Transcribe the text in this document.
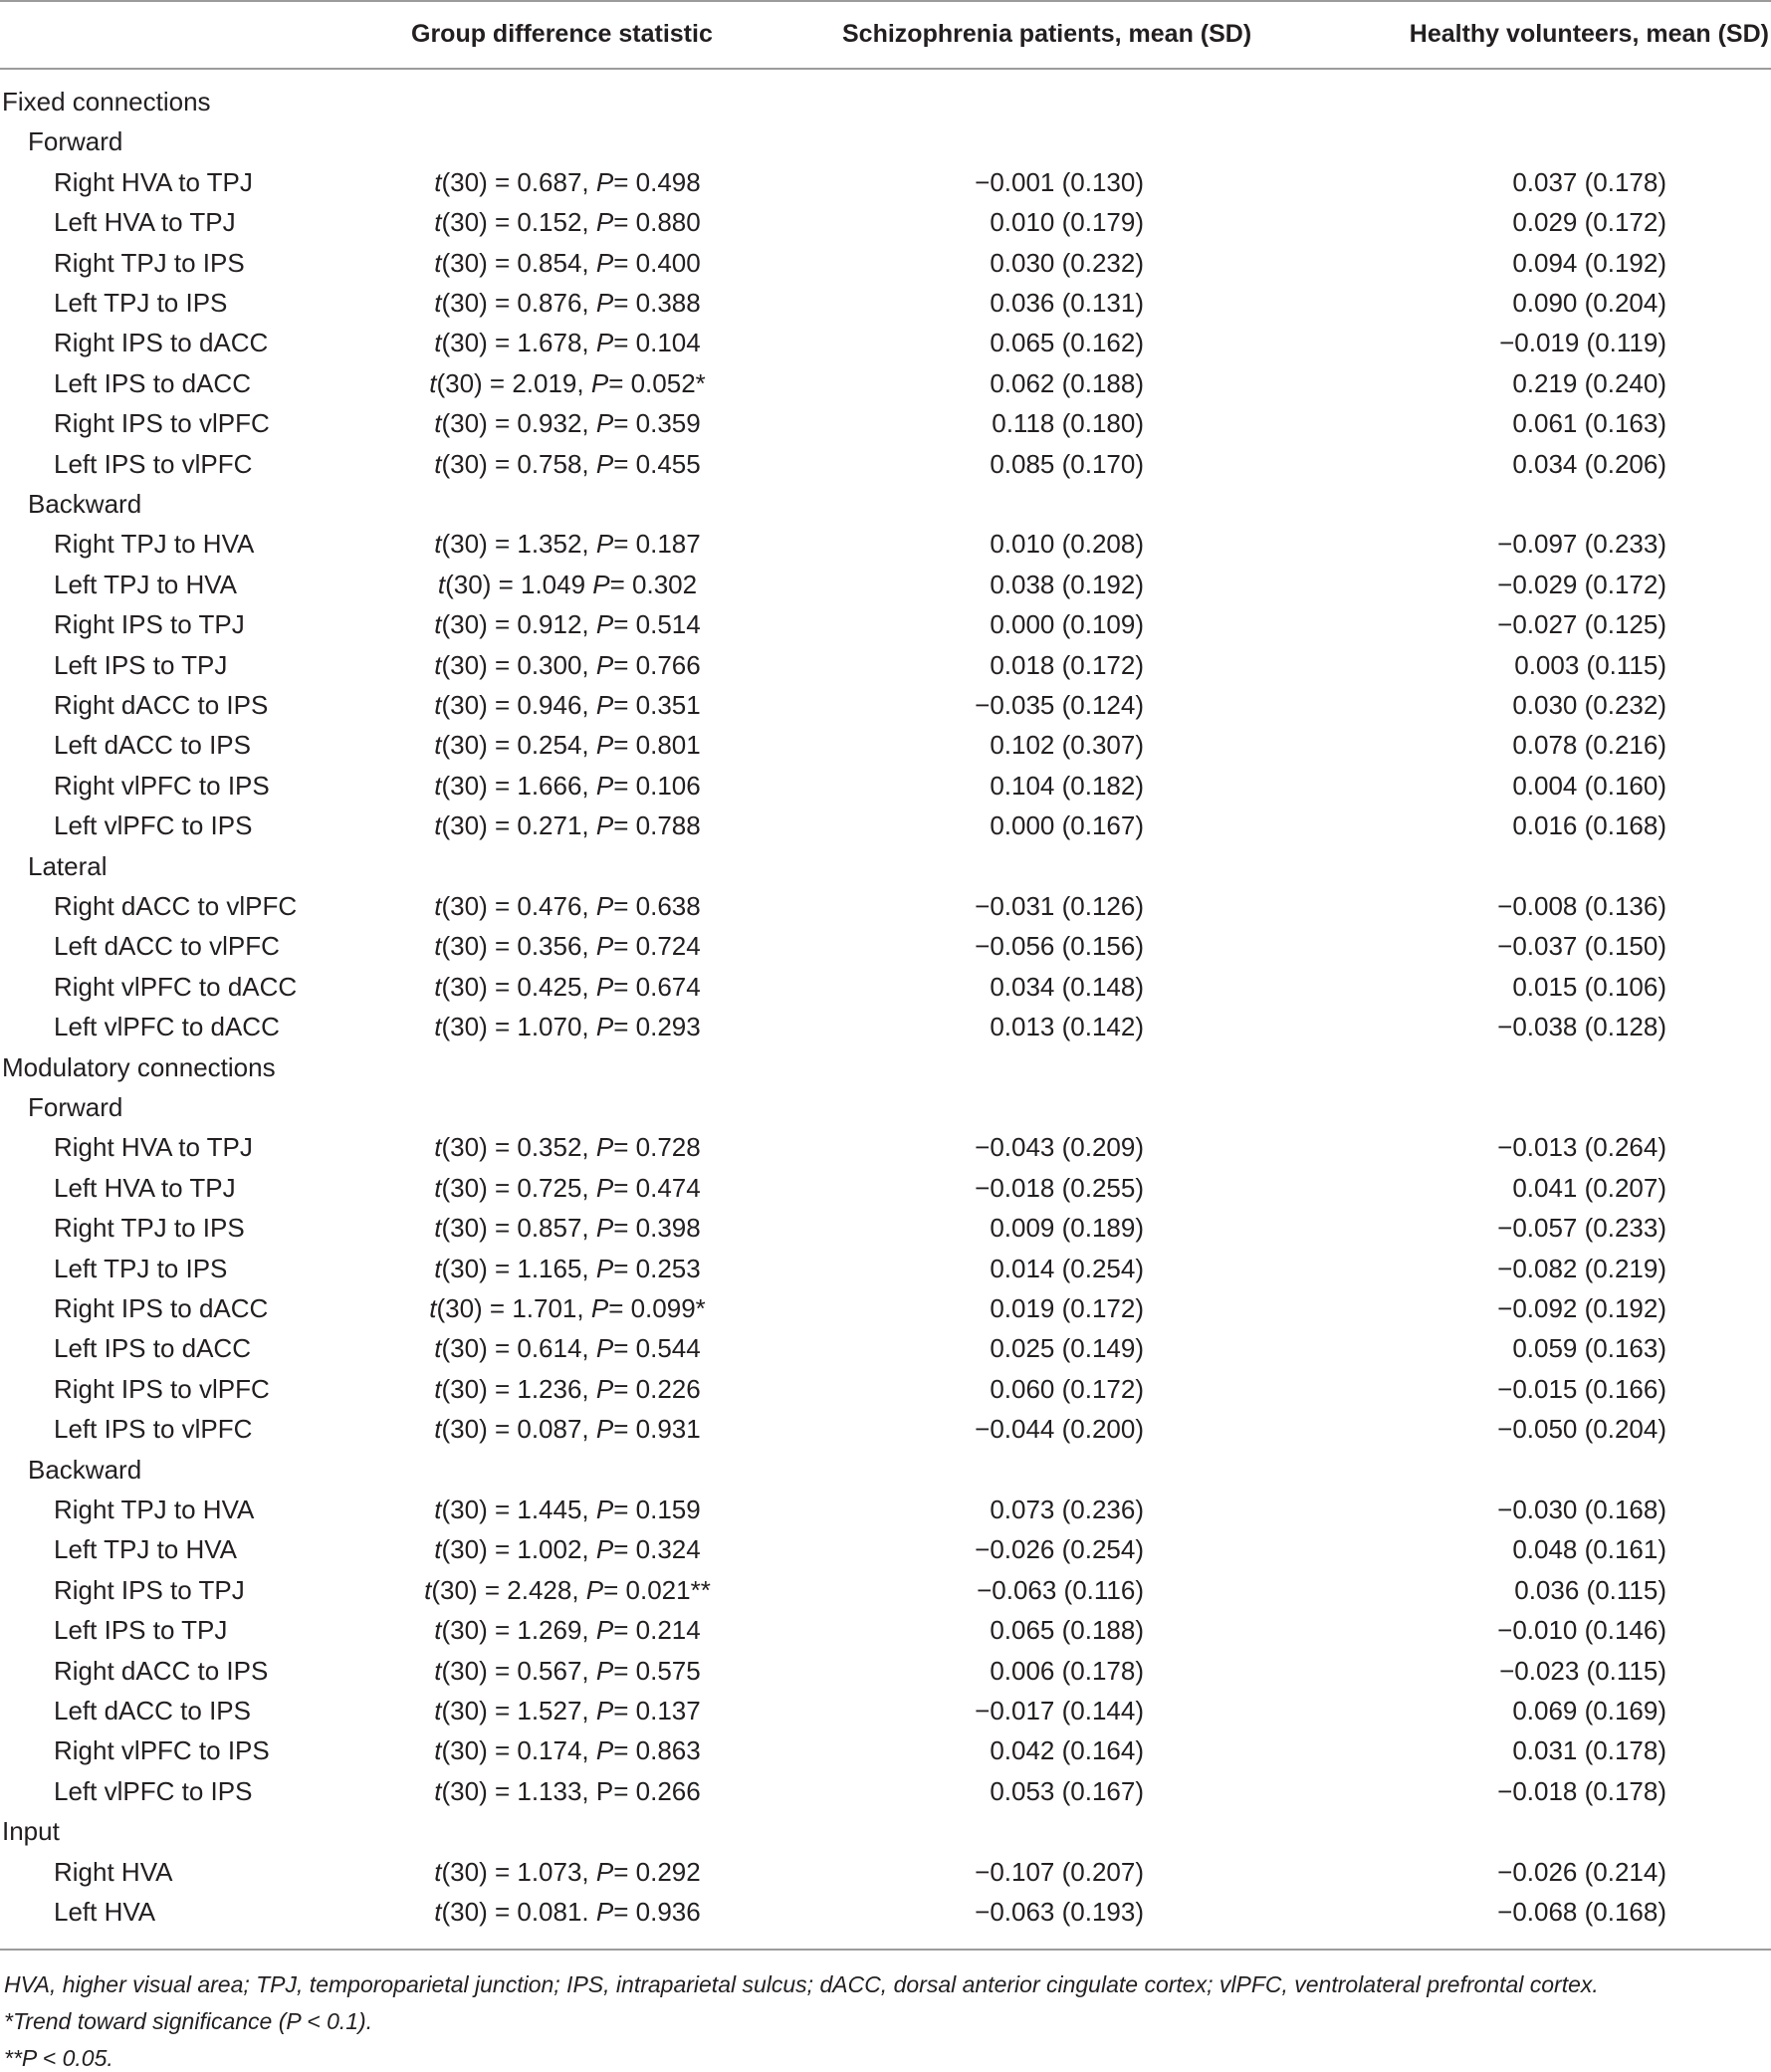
Group difference statistic	Schizophrenia patients, mean (SD)	Healthy volunteers, mean (SD)
Fixed connections
Forward
Right HVA to TPJ	t(30) = 0.687, P= 0.498	−0.001 (0.130)	0.037 (0.178)
Left HVA to TPJ	t(30) = 0.152, P= 0.880	0.010 (0.179)	0.029 (0.172)
Right TPJ to IPS	t(30) = 0.854, P= 0.400	0.030 (0.232)	0.094 (0.192)
Left TPJ to IPS	t(30) = 0.876, P= 0.388	0.036 (0.131)	0.090 (0.204)
Right IPS to dACC	t(30) = 1.678, P= 0.104	0.065 (0.162)	−0.019 (0.119)
Left IPS to dACC	t(30) = 2.019, P= 0.052*	0.062 (0.188)	0.219 (0.240)
Right IPS to vlPFC	t(30) = 0.932, P= 0.359	0.118 (0.180)	0.061 (0.163)
Left IPS to vlPFC	t(30) = 0.758, P= 0.455	0.085 (0.170)	0.034 (0.206)
Backward
Right TPJ to HVA	t(30) = 1.352, P= 0.187	0.010 (0.208)	−0.097 (0.233)
Left TPJ to HVA	t(30) = 1.049 P= 0.302	0.038 (0.192)	−0.029 (0.172)
Right IPS to TPJ	t(30) = 0.912, P= 0.514	0.000 (0.109)	−0.027 (0.125)
Left IPS to TPJ	t(30) = 0.300, P= 0.766	0.018 (0.172)	0.003 (0.115)
Right dACC to IPS	t(30) = 0.946, P= 0.351	−0.035 (0.124)	0.030 (0.232)
Left dACC to IPS	t(30) = 0.254, P= 0.801	0.102 (0.307)	0.078 (0.216)
Right vlPFC to IPS	t(30) = 1.666, P= 0.106	0.104 (0.182)	0.004 (0.160)
Left vlPFC to IPS	t(30) = 0.271, P= 0.788	0.000 (0.167)	0.016 (0.168)
Lateral
Right dACC to vlPFC	t(30) = 0.476, P= 0.638	−0.031 (0.126)	−0.008 (0.136)
Left dACC to vlPFC	t(30) = 0.356, P= 0.724	−0.056 (0.156)	−0.037 (0.150)
Right vlPFC to dACC	t(30) = 0.425, P= 0.674	0.034 (0.148)	0.015 (0.106)
Left vlPFC to dACC	t(30) = 1.070, P= 0.293	0.013 (0.142)	−0.038 (0.128)
Modulatory connections
Forward
Right HVA to TPJ	t(30) = 0.352, P= 0.728	−0.043 (0.209)	−0.013 (0.264)
Left HVA to TPJ	t(30) = 0.725, P= 0.474	−0.018 (0.255)	0.041 (0.207)
Right TPJ to IPS	t(30) = 0.857, P= 0.398	0.009 (0.189)	−0.057 (0.233)
Left TPJ to IPS	t(30) = 1.165, P= 0.253	0.014 (0.254)	−0.082 (0.219)
Right IPS to dACC	t(30) = 1.701, P= 0.099*	0.019 (0.172)	−0.092 (0.192)
Left IPS to dACC	t(30) = 0.614, P= 0.544	0.025 (0.149)	0.059 (0.163)
Right IPS to vlPFC	t(30) = 1.236, P= 0.226	0.060 (0.172)	−0.015 (0.166)
Left IPS to vlPFC	t(30) = 0.087, P= 0.931	−0.044 (0.200)	−0.050 (0.204)
Backward
Right TPJ to HVA	t(30) = 1.445, P= 0.159	0.073 (0.236)	−0.030 (0.168)
Left TPJ to HVA	t(30) = 1.002, P= 0.324	−0.026 (0.254)	0.048 (0.161)
Right IPS to TPJ	t(30) = 2.428, P= 0.021**	−0.063 (0.116)	0.036 (0.115)
Left IPS to TPJ	t(30) = 1.269, P= 0.214	0.065 (0.188)	−0.010 (0.146)
Right dACC to IPS	t(30) = 0.567, P= 0.575	0.006 (0.178)	−0.023 (0.115)
Left dACC to IPS	t(30) = 1.527, P= 0.137	−0.017 (0.144)	0.069 (0.169)
Right vlPFC to IPS	t(30) = 0.174, P= 0.863	0.042 (0.164)	0.031 (0.178)
Left vlPFC to IPS	t(30) = 1.133, P= 0.266	0.053 (0.167)	−0.018 (0.178)
Input
Right HVA	t(30) = 1.073, P= 0.292	−0.107 (0.207)	−0.026 (0.214)
Left HVA	t(30) = 0.081. P= 0.936	−0.063 (0.193)	−0.068 (0.168)
HVA, higher visual area; TPJ, temporoparietal junction; IPS, intraparietal sulcus; dACC, dorsal anterior cingulate cortex; vlPFC, ventrolateral prefrontal cortex.
*Trend toward significance (P < 0.1).
**P < 0.05.
